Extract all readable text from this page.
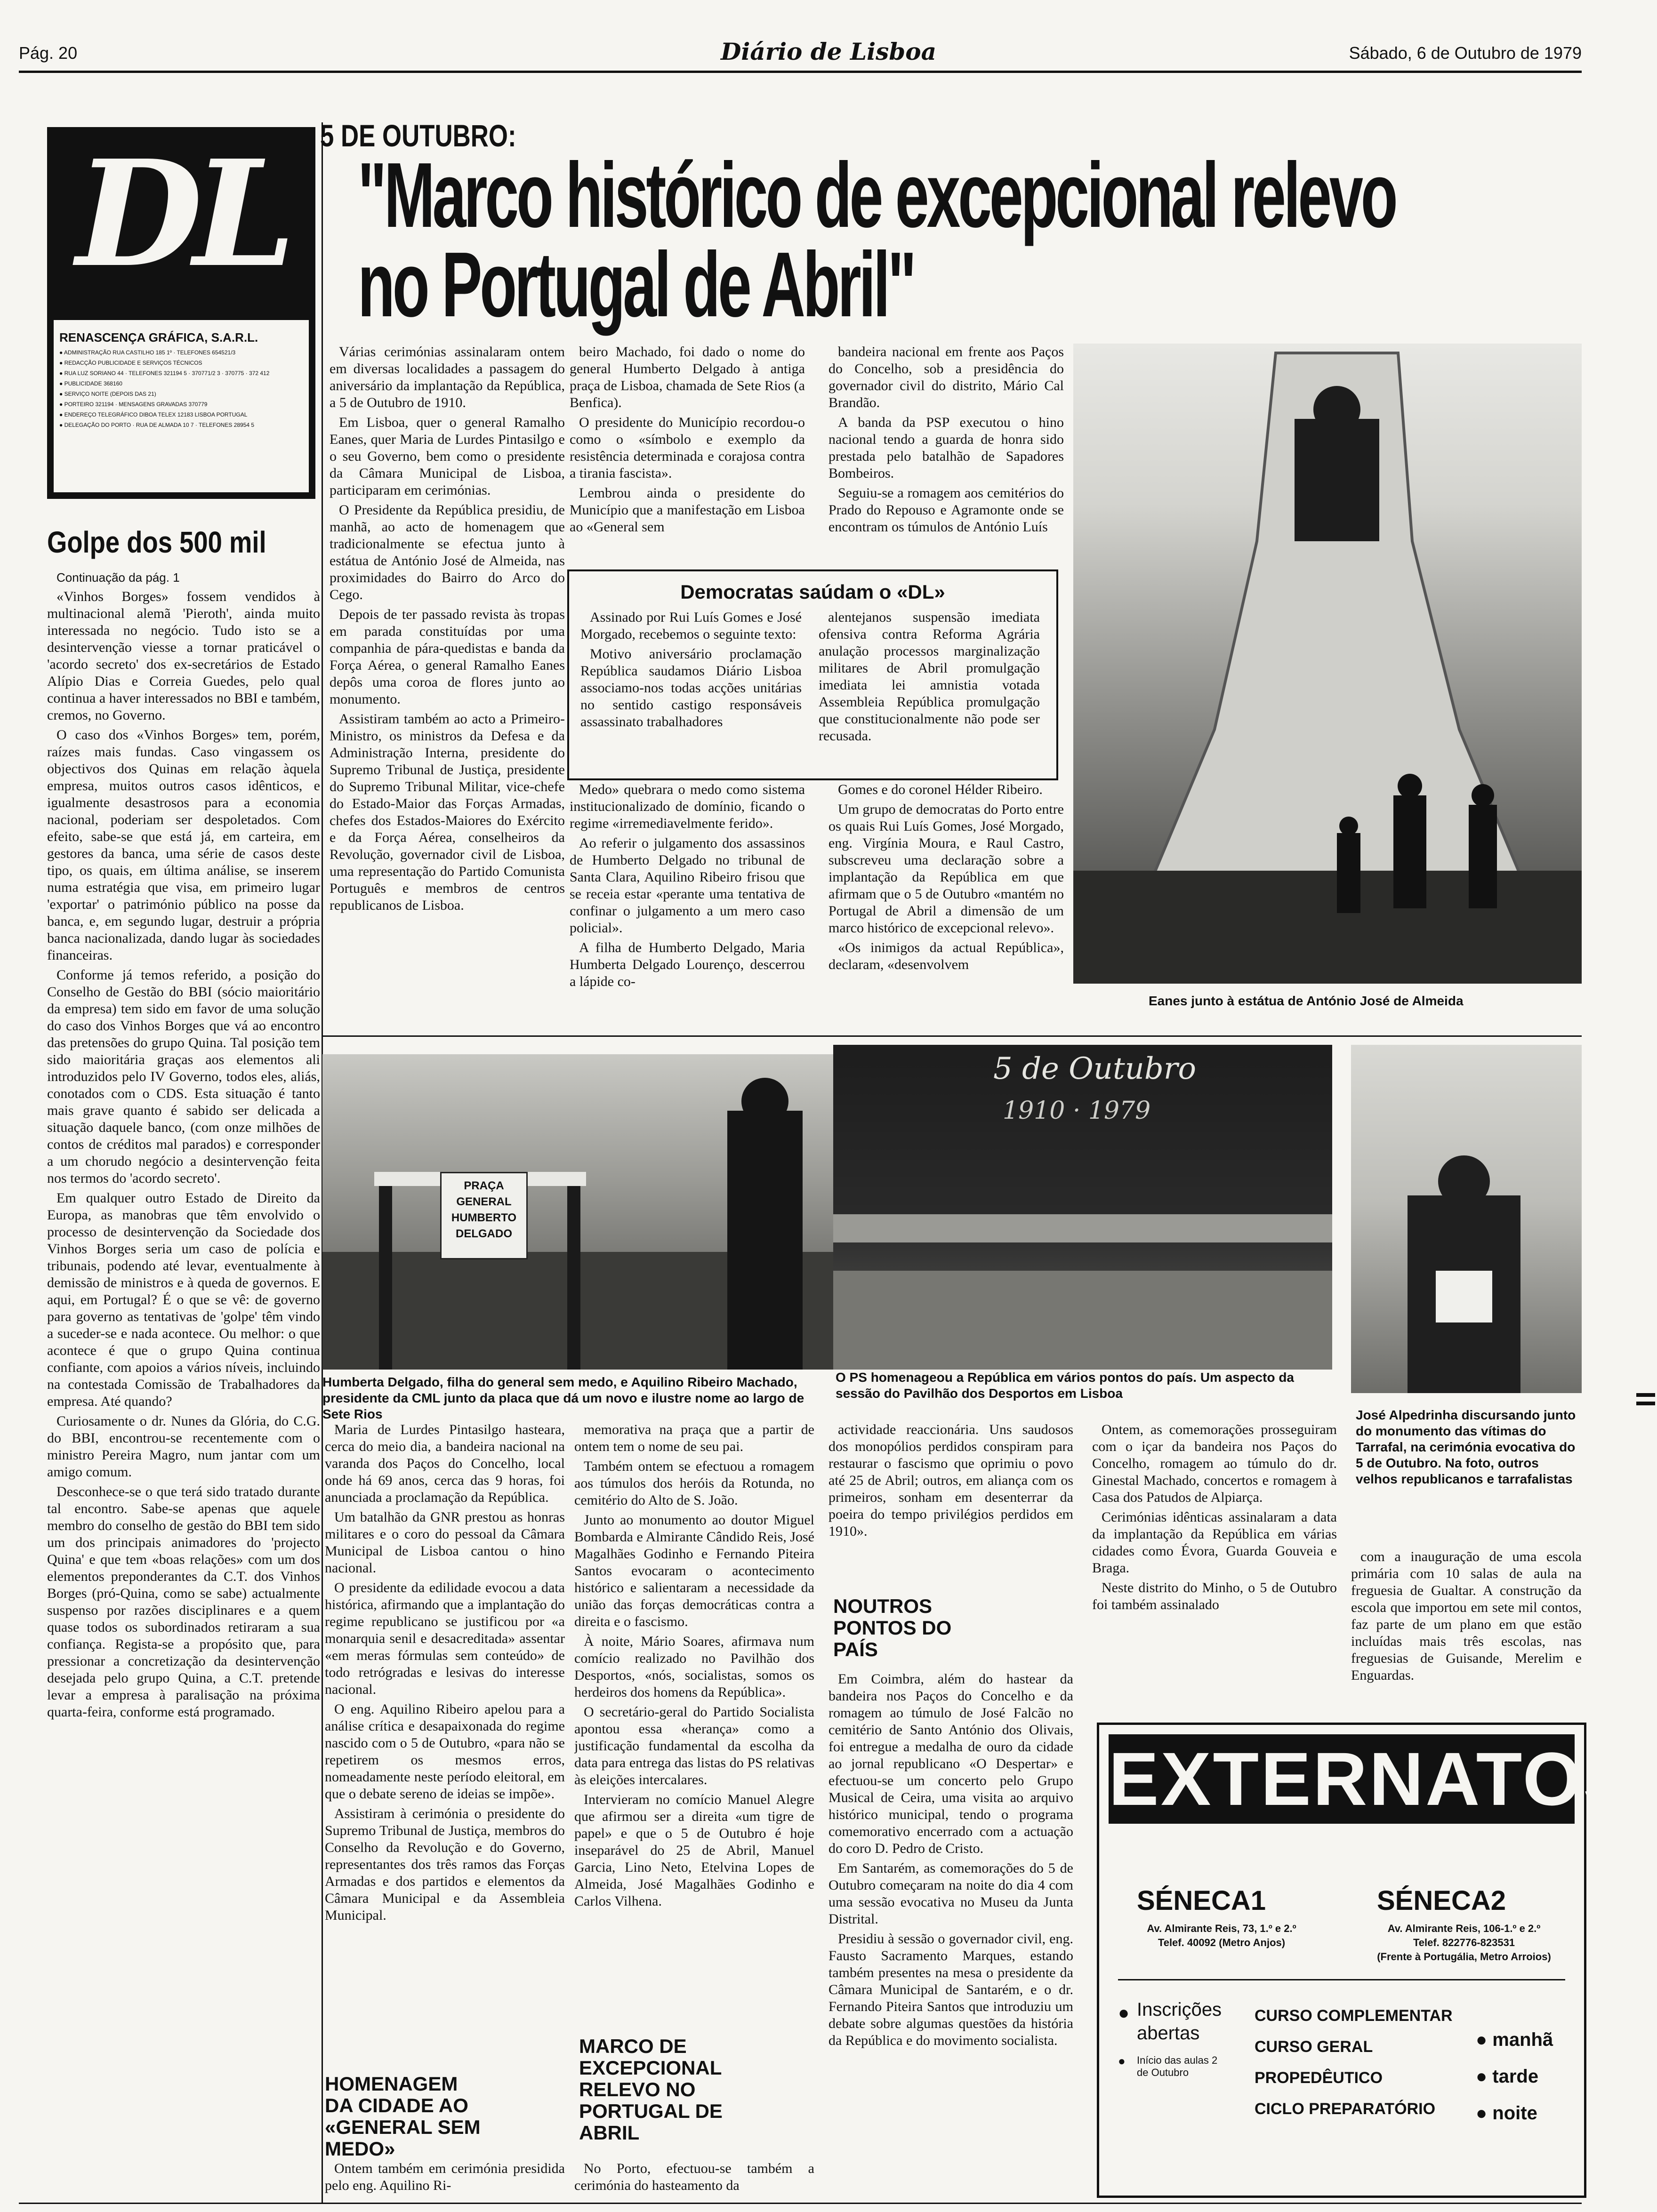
Pág. 20	Diário de Lisboa	Sábado, 6 de Outubro de 1979
DL
RENASCENÇA GRÁFICA, S.A.R.L.
● ADMINISTRAÇÃO RUA CASTILHO 185 1º · TELEFONES 654521/3
● REDACÇÃO PUBLICIDADE E SERVIÇOS TÉCNICOS
● RUA LUZ SORIANO 44 · TELEFONES 321194 5 · 370771/2 3 · 370775 · 372 412
● PUBLICIDADE 368160
● SERVIÇO NOITE (DEPOIS DAS 21)
● PORTEIRO 321194 · MENSAGENS GRAVADAS 370779
● ENDEREÇO TELEGRÁFICO DIBOA TELEX 12183 LISBOA PORTUGAL
● DELEGAÇÃO DO PORTO · RUA DE ALMADA 10 7 · TELEFONES 28954 5
Golpe dos 500 mil
Continuação da pág. 1

«Vinhos Borges» fossem vendidos à multinacional alemã 'Pieroth', ainda muito interessada no negócio. Tudo isto se a desintervenção viesse a tornar praticável o 'acordo secreto' dos ex-secretários de Estado Alípio Dias e Correia Guedes, pelo qual continua a haver interessados no BBI e também, cremos, no Governo.

O caso dos «Vinhos Borges» tem, porém, raízes mais fundas. Caso vingassem os objectivos dos Quinas em relação àquela empresa, muitos outros casos idênticos, e igualmente desastrosos para a economia nacional, poderiam ser despoletados. Com efeito, sabe-se que está já, em carteira, em gestores da banca, uma série de casos deste tipo, os quais, em última análise, se inserem numa estratégia que visa, em primeiro lugar 'exportar' o património público na posse da banca, e, em segundo lugar, destruir a própria banca nacionalizada, dando lugar às sociedades financeiras.

Conforme já temos referido, a posição do Conselho de Gestão do BBI (sócio maioritário da empresa) tem sido em favor de uma solução do caso dos Vinhos Borges que vá ao encontro das pretensões do grupo Quina. Tal posição tem sido maioritária graças aos elementos ali introduzidos pelo IV Governo, todos eles, aliás, conotados com o CDS. Esta situação é tanto mais grave quanto é sabido ser delicada a situação daquele banco, (com onze milhões de contos de créditos mal parados) e corresponder a um chorudo negócio a desintervenção feita nos termos do 'acordo secreto'.

Em qualquer outro Estado de Direito da Europa, as manobras que têm envolvido o processo de desintervenção da Sociedade dos Vinhos Borges seria um caso de polícia e tribunais, podendo até levar, eventualmente à demissão de ministros e à queda de governos. E aqui, em Portugal? É o que se vê: de governo para governo as tentativas de 'golpe' têm vindo a suceder-se e nada acontece. Ou melhor: o que acontece é que o grupo Quina continua confiante, com apoios a vários níveis, incluindo na contestada Comissão de Trabalhadores da empresa. Até quando?

Curiosamente o dr. Nunes da Glória, do C.G. do BBI, encontrou-se recentemente com o ministro Pereira Magro, num jantar com um amigo comum.

Desconhece-se o que terá sido tratado durante tal encontro. Sabe-se apenas que aquele membro do conselho de gestão do BBI tem sido um dos principais animadores do 'projecto Quina' e que tem «boas relações» com um dos elementos preponderantes da C.T. dos Vinhos Borges (pró-Quina, como se sabe) actualmente suspenso por razões disciplinares e a quem quase todos os subordinados retiraram a sua confiança. Regista-se a propósito que, para pressionar a concretização da desintervenção desejada pelo grupo Quina, a C.T. pretende levar a empresa à paralisação na próxima quarta-feira, conforme está programado.

5 DE OUTUBRO:
"Marco histórico de excepcional relevo
no Portugal de Abril"

Várias cerimónias assinalaram ontem em diversas localidades a passagem do aniversário da implantação da República, a 5 de Outubro de 1910.

Em Lisboa, quer o general Ramalho Eanes, quer Maria de Lurdes Pintasilgo e o seu Governo, bem como o presidente da Câmara Municipal de Lisboa, participaram em cerimónias.

O Presidente da República presidiu, de manhã, ao acto de homenagem que tradicionalmente se efectua junto à estátua de António José de Almeida, nas proximidades do Bairro do Arco do Cego.

Depois de ter passado revista às tropas em parada constituídas por uma companhia de pára-quedistas e banda da Força Aérea, o general Ramalho Eanes depôs uma coroa de flores junto ao monumento.

Assistiram também ao acto a Primeiro-Ministro, os ministros da Defesa e da Administração Interna, presidente do Supremo Tribunal de Justiça, presidente do Supremo Tribunal Militar, vice-chefe do Estado-Maior das Forças Armadas, chefes dos Estados-Maiores do Exército e da Força Aérea, conselheiros da Revolução, governador civil de Lisboa, uma representação do Partido Comunista Português e membros de centros republicanos de Lisboa.

beiro Machado, foi dado o nome do general Humberto Delgado à antiga praça de Lisboa, chamada de Sete Rios (a Benfica).

O presidente do Município recordou-o como o «símbolo e exemplo da resistência determinada e corajosa contra a tirania fascista».

Lembrou ainda o presidente do Município que a manifestação em Lisboa ao «General sem

bandeira nacional em frente aos Paços do Concelho, sob a presidência do governador civil do distrito, Mário Cal Brandão.

A banda da PSP executou o hino nacional tendo a guarda de honra sido prestada pelo batalhão de Sapadores Bombeiros.

Seguiu-se a romagem aos cemitérios do Prado do Repouso e Agramonte onde se encontram os túmulos de António Luís

Democratas saúdam o «DL»

Assinado por Rui Luís Gomes e José Morgado, recebemos o seguinte texto:

Motivo aniversário proclamação República saudamos Diário Lisboa associamo-nos todas acções unitárias no sentido castigo responsáveis assassinato trabalhadores

alentejanos suspensão imediata ofensiva contra Reforma Agrária anulação processos marginalização militares de Abril promulgação imediata lei amnistia votada Assembleia República promulgação que constitucionalmente não pode ser recusada.

Medo» quebrara o medo como sistema institucionalizado de domínio, ficando o regime «irremediavelmente ferido».

Ao referir o julgamento dos assassinos de Humberto Delgado no tribunal de Santa Clara, Aquilino Ribeiro frisou que se receia estar «perante uma tentativa de confinar o julgamento a um mero caso policial».

A filha de Humberto Delgado, Maria Humberta Delgado Lourenço, descerrou a lápide co-

Gomes e do coronel Hélder Ribeiro.

Um grupo de democratas do Porto entre os quais Rui Luís Gomes, José Morgado, eng. Virgínia Moura, e Raul Castro, subscreveu uma declaração sobre a implantação da República em que afirmam que o 5 de Outubro «mantém no Portugal de Abril a dimensão de um marco histórico de excepcional relevo».

«Os inimigos da actual República», declaram, «desenvolvem

Eanes junto à estátua de António José de Almeida
PRAÇA
GENERAL
HUMBERTO
DELGADO
Humberta Delgado, filha do general sem medo, e Aquilino Ribeiro Machado, presidente da CML junto da placa que dá um novo e ilustre nome ao largo de Sete Rios
5 de Outubro
1910 · 1979
O PS homenageou a República em vários pontos do país. Um aspecto da sessão do Pavilhão dos Desportos em Lisboa
José Alpedrinha discursando junto do monumento das vítimas do Tarrafal, na cerimónia evocativa do 5 de Outubro. Na foto, outros velhos republicanos e tarrafalistas

Maria de Lurdes Pintasilgo hasteara, cerca do meio dia, a bandeira nacional na varanda dos Paços do Concelho, local onde há 69 anos, cerca das 9 horas, foi anunciada a proclamação da República.

Um batalhão da GNR prestou as honras militares e o coro do pessoal da Câmara Municipal de Lisboa cantou o hino nacional.

O presidente da edilidade evocou a data histórica, afirmando que a implantação do regime republicano se justificou por «a monarquia senil e desacreditada» assentar «em meras fórmulas sem conteúdo» de todo retrógradas e lesivas do interesse nacional.

O eng. Aquilino Ribeiro apelou para a análise crítica e desapaixonada do regime nascido com o 5 de Outubro, «para não se repetirem os mesmos erros, nomeadamente neste período eleitoral, em que o debate sereno de ideias se impõe».

Assistiram à cerimónia o presidente do Supremo Tribunal de Justiça, membros do Conselho da Revolução e do Governo, representantes dos três ramos das Forças Armadas e dos partidos e elementos da Câmara Municipal e da Assembleia Municipal.

HOMENAGEM DA CIDADE AO «GENERAL SEM MEDO»

Ontem também em cerimónia presidida pelo eng. Aquilino Ri-

memorativa na praça que a partir de ontem tem o nome de seu pai.

Também ontem se efectuou a romagem aos túmulos dos heróis da Rotunda, no cemitério do Alto de S. João.

Junto ao monumento ao doutor Miguel Bombarda e Almirante Cândido Reis, José Magalhães Godinho e Fernando Piteira Santos evocaram o acontecimento histórico e salientaram a necessidade da união das forças democráticas contra a direita e o fascismo.

À noite, Mário Soares, afirmava num comício realizado no Pavilhão dos Desportos, «nós, socialistas, somos os herdeiros dos homens da República».

O secretário-geral do Partido Socialista apontou essa «herança» como a justificação fundamental da escolha da data para entrega das listas do PS relativas às eleições intercalares.

Intervieram no comício Manuel Alegre que afirmou ser a direita «um tigre de papel» e que o 5 de Outubro é hoje inseparável do 25 de Abril, Manuel Garcia, Lino Neto, Etelvina Lopes de Almeida, José Magalhães Godinho e Carlos Vilhena.

MARCO DE EXCEPCIONAL RELEVO NO PORTUGAL DE ABRIL

No Porto, efectuou-se também a cerimónia do hasteamento da

actividade reaccionária. Uns saudosos dos monopólios perdidos conspiram para restaurar o fascismo que oprimiu o povo até 25 de Abril; outros, em aliança com os primeiros, sonham em desenterrar da poeira do tempo privilégios perdidos em 1910».

NOUTROS PONTOS DO PAÍS

Em Coimbra, além do hastear da bandeira nos Paços do Concelho e da romagem ao túmulo de José Falcão no cemitério de Santo António dos Olivais, foi entregue a medalha de ouro da cidade ao jornal republicano «O Despertar» e efectuou-se um concerto pelo Grupo Musical de Ceira, uma visita ao arquivo histórico municipal, tendo o programa comemorativo encerrado com a actuação do coro D. Pedro de Cristo.

Em Santarém, as comemorações do 5 de Outubro começaram na noite do dia 4 com uma sessão evocativa no Museu da Junta Distrital.

Presidiu à sessão o governador civil, eng. Fausto Sacramento Marques, estando também presentes na mesa o presidente da Câmara Municipal de Santarém, e o dr. Fernando Piteira Santos que introduziu um debate sobre algumas questões da história da República e do movimento socialista.

Ontem, as comemorações prosseguiram com o içar da bandeira nos Paços do Concelho, romagem ao túmulo do dr. Ginestal Machado, concertos e romagem à Casa dos Patudos de Alpiarça.

Cerimónias idênticas assinalaram a data da implantação da República em várias cidades como Évora, Guarda Gouveia e Braga.

Neste distrito do Minho, o 5 de Outubro foi também assinalado

com a inauguração de uma escola primária com 10 salas de aula na freguesia de Gualtar. A construção da escola que importou em sete mil contos, faz parte de um plano em que estão incluídas mais três escolas, nas freguesias de Guisande, Merelim e Enguardas.

EXTERNATOS
SÉNECA1
Av. Almirante Reis, 73, 1.º e 2.º
Telef. 40092 (Metro Anjos)
SÉNECA2
Av. Almirante Reis, 106-1.º e 2.º
Telef. 822776-823531
(Frente à Portugália, Metro Arroios)
● Inscrições abertas
● Início das aulas 2 de Outubro
CURSO COMPLEMENTAR
CURSO GERAL
PROPEDÊUTICO
CICLO PREPARATÓRIO
● manhã
● tarde
● noite
